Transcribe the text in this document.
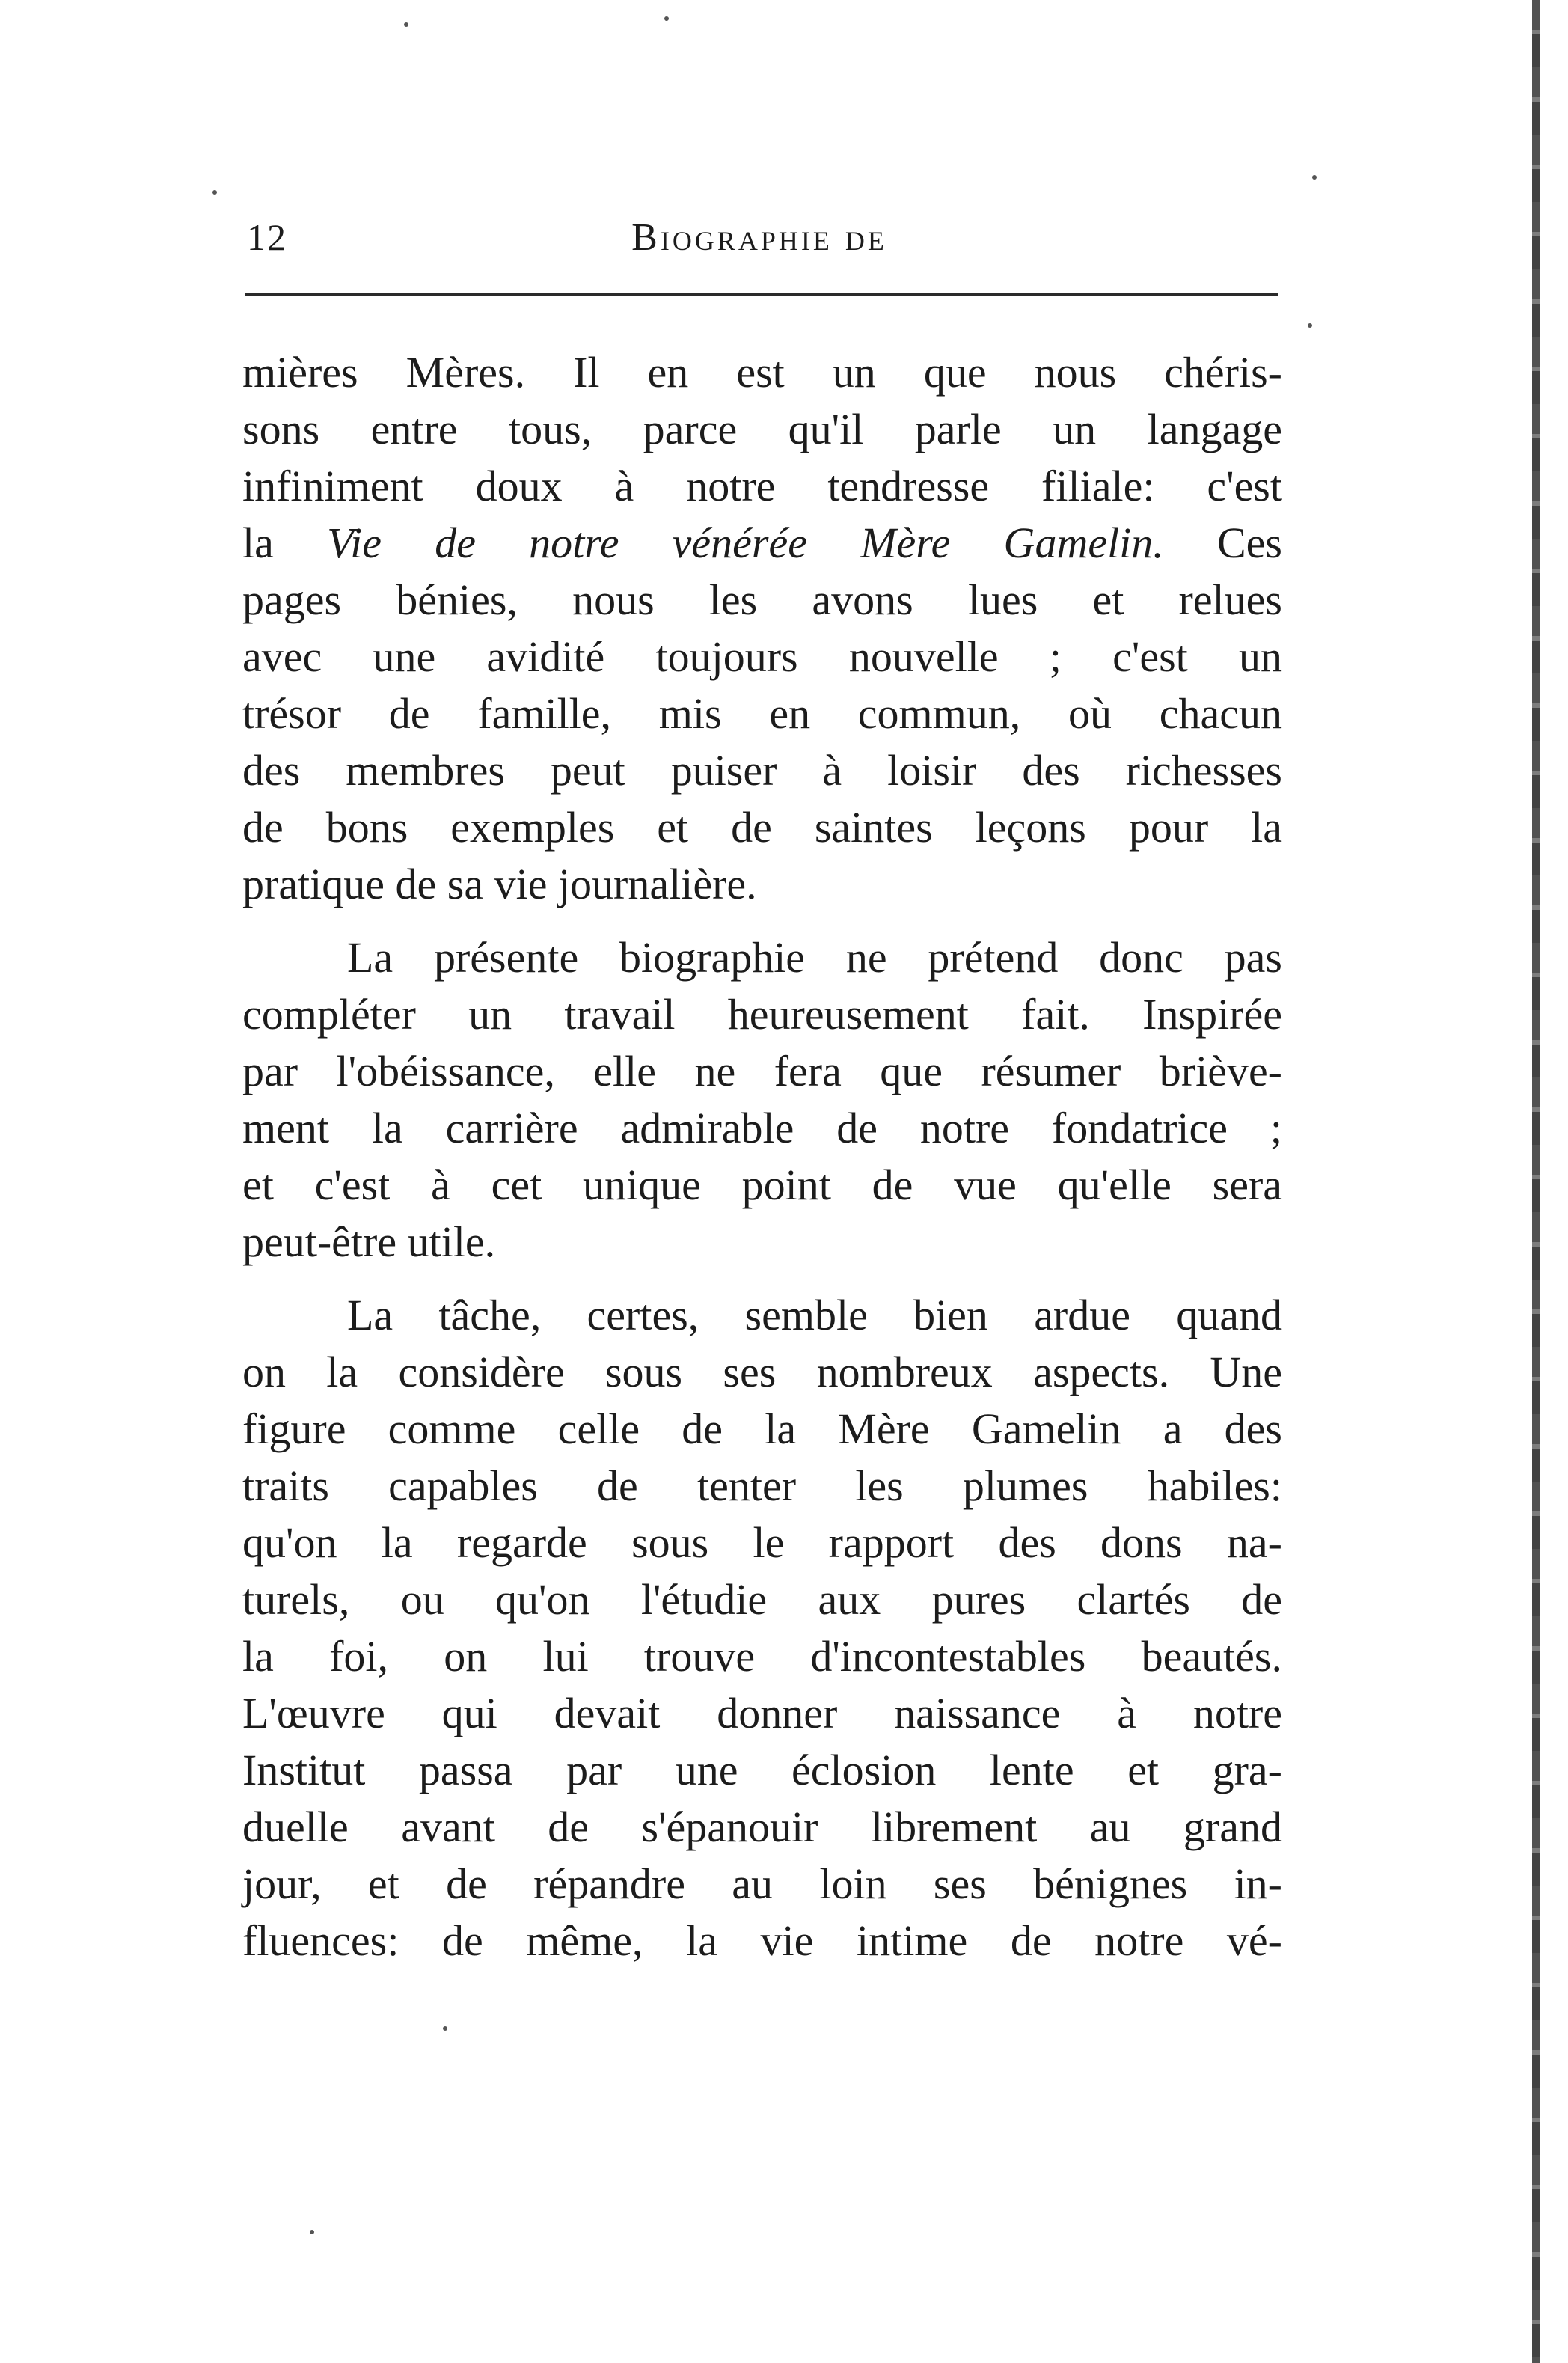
12	Biographie de
mières Mères. Il en est un que nous chéris-
sons entre tous, parce qu'il parle un langage
infiniment doux à notre tendresse filiale: c'est
la Vie de notre vénérée Mère Gamelin. Ces
pages bénies, nous les avons lues et relues
avec une avidité toujours nouvelle ; c'est un
trésor de famille, mis en commun, où chacun
des membres peut puiser à loisir des richesses
de bons exemples et de saintes leçons pour la
pratique de sa vie journalière.
La présente biographie ne prétend donc pas
compléter un travail heureusement fait. Inspirée
par l'obéissance, elle ne fera que résumer briève-
ment la carrière admirable de notre fondatrice ;
et c'est à cet unique point de vue qu'elle sera
peut-être utile.
La tâche, certes, semble bien ardue quand
on la considère sous ses nombreux aspects. Une
figure comme celle de la Mère Gamelin a des
traits capables de tenter les plumes habiles:
qu'on la regarde sous le rapport des dons na-
turels, ou qu'on l'étudie aux pures clartés de
la foi, on lui trouve d'incontestables beautés.
L'œuvre qui devait donner naissance à notre
Institut passa par une éclosion lente et gra-
duelle avant de s'épanouir librement au grand
jour, et de répandre au loin ses bénignes in-
fluences: de même, la vie intime de notre vé-
